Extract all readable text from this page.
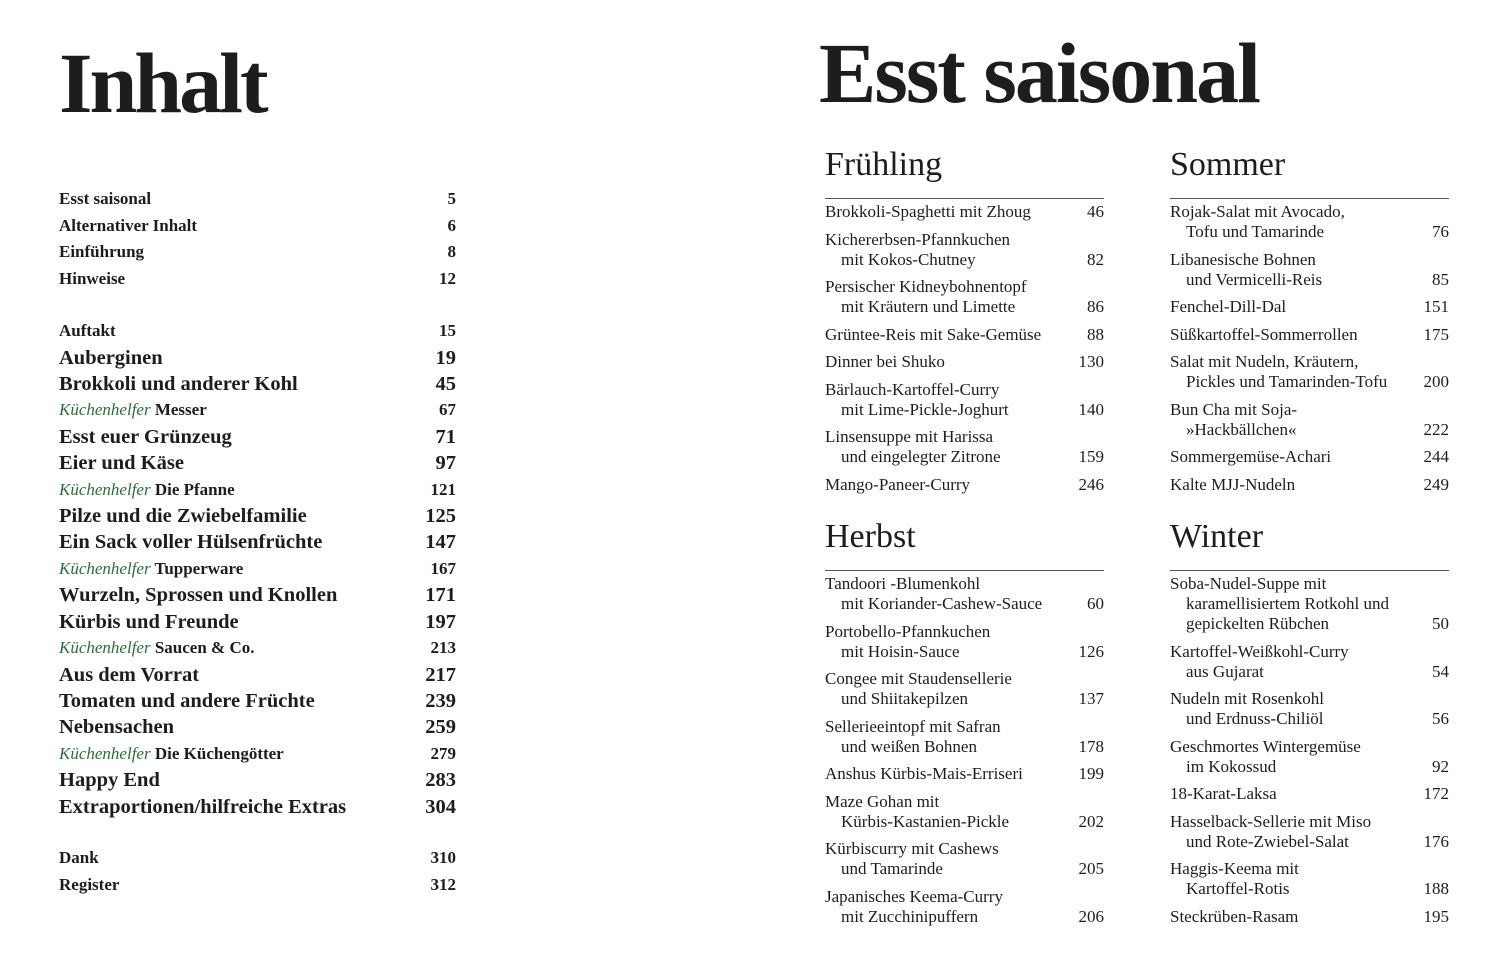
Inhalt
Esst saisonal	5
Alternativer Inhalt	6
Einführung	8
Hinweise	12
Auftakt	15
Auberginen	19
Brokkoli und anderer Kohl	45
Küchenhelfer Messer	67
Esst euer Grünzeug	71
Eier und Käse	97
Küchenhelfer Die Pfanne	121
Pilze und die Zwiebelfamilie	125
Ein Sack voller Hülsenfrüchte	147
Küchenhelfer Tupperware	167
Wurzeln, Sprossen und Knollen	171
Kürbis und Freunde	197
Küchenhelfer Saucen & Co.	213
Aus dem Vorrat	217
Tomaten und andere Früchte	239
Nebensachen	259
Küchenhelfer Die Küchengötter	279
Happy End	283
Extraportionen/hilfreiche Extras	304
Dank	310
Register	312
Esst saisonal
Frühling
Brokkoli-Spaghetti mit Zhoug	46
Kichererbsen-Pfannkuchen
mit Kokos-Chutney	82
Persischer Kidneybohnentopf
mit Kräutern und Limette	86
Grüntee-Reis mit Sake-Gemüse	88
Dinner bei Shuko	130
Bärlauch-Kartoffel-Curry
mit Lime-Pickle-Joghurt	140
Linsensuppe mit Harissa
und eingelegter Zitrone	159
Mango-Paneer-Curry	246
Sommer
Rojak-Salat mit Avocado,
Tofu und Tamarinde	76
Libanesische Bohnen
und Vermicelli-Reis	85
Fenchel-Dill-Dal	151
Süßkartoffel-Sommerrollen	175
Salat mit Nudeln, Kräutern,
Pickles und Tamarinden-Tofu	200
Bun Cha mit Soja-
»Hackbällchen«	222
Sommergemüse-Achari	244
Kalte MJJ-Nudeln	249
Herbst
Tandoori -Blumenkohl
mit Koriander-Cashew-Sauce	60
Portobello-Pfannkuchen
mit Hoisin-Sauce	126
Congee mit Staudensellerie
und Shiitakepilzen	137
Sellerieeintopf mit Safran
und weißen Bohnen	178
Anshus Kürbis-Mais-Erriseri	199
Maze Gohan mit
Kürbis-Kastanien-Pickle	202
Kürbiscurry mit Cashews
und Tamarinde	205
Japanisches Keema-Curry
mit Zucchinipuffern	206
Winter
Soba-Nudel-Suppe mit
karamellisiertem Rotkohl und
gepickelten Rübchen	50
Kartoffel-Weißkohl-Curry
aus Gujarat	54
Nudeln mit Rosenkohl
und Erdnuss-Chiliöl	56
Geschmortes Wintergemüse
im Kokossud	92
18-Karat-Laksa	172
Hasselback-Sellerie mit Miso
und Rote-Zwiebel-Salat	176
Haggis-Keema mit
Kartoffel-Rotis	188
Steckrüben-Rasam	195
